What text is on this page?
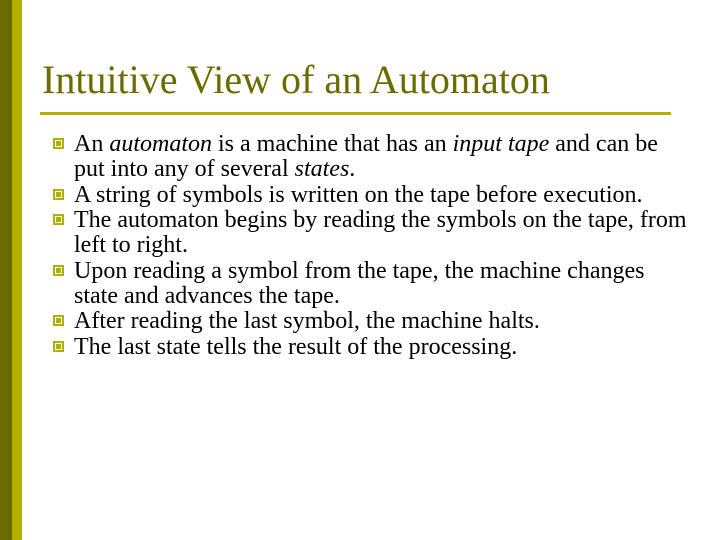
Intuitive View of an Automaton
An automaton is a machine that has an input tape and can be put into any of several states.
A string of symbols is written on the tape before execution.
The automaton begins by reading the symbols on the tape, from left to right.
Upon reading a symbol from the tape, the machine changes state and advances the tape.
After reading the last symbol, the machine halts.
The last state tells the result of the processing.
